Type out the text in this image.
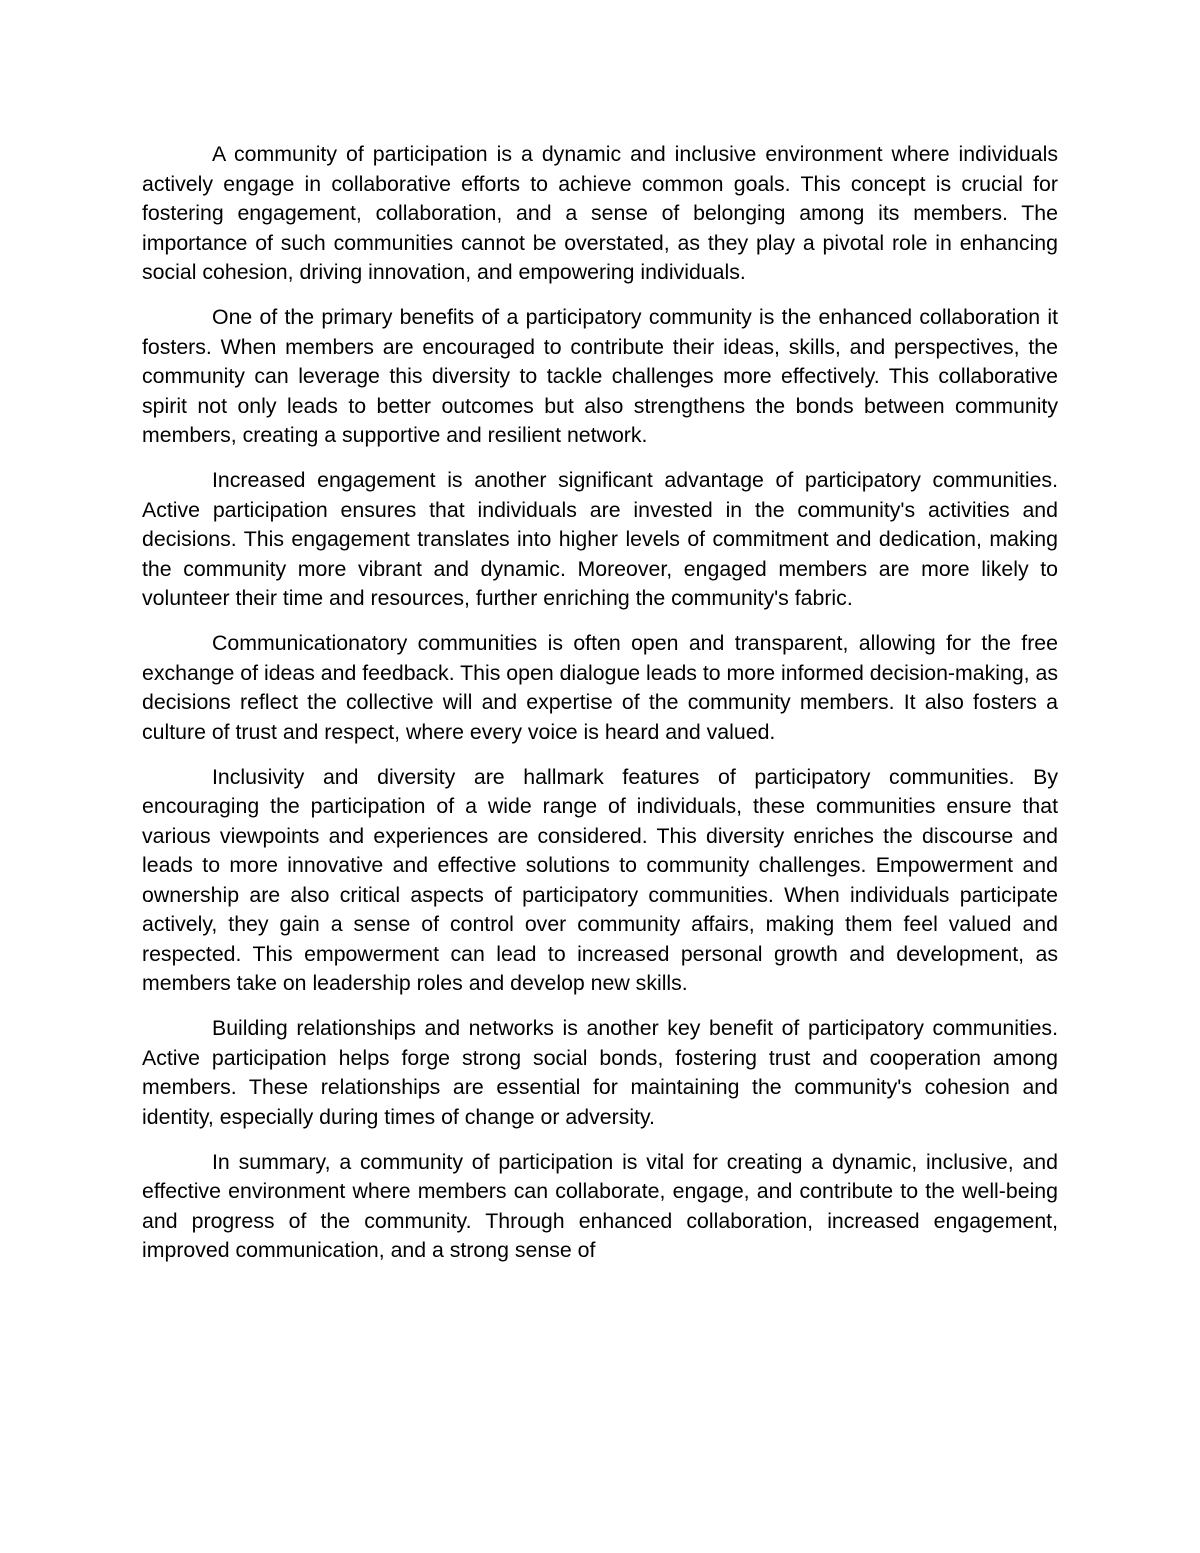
A community of participation is a dynamic and inclusive environment where individuals actively engage in collaborative efforts to achieve common goals. This concept is crucial for fostering engagement, collaboration, and a sense of belonging among its members. The importance of such communities cannot be overstated, as they play a pivotal role in enhancing social cohesion, driving innovation, and empowering individuals.

One of the primary benefits of a participatory community is the enhanced collaboration it fosters. When members are encouraged to contribute their ideas, skills, and perspectives, the community can leverage this diversity to tackle challenges more effectively. This collaborative spirit not only leads to better outcomes but also strengthens the bonds between community members, creating a supportive and resilient network.

Increased engagement is another significant advantage of participatory communities. Active participation ensures that individuals are invested in the community's activities and decisions. This engagement translates into higher levels of commitment and dedication, making the community more vibrant and dynamic. Moreover, engaged members are more likely to volunteer their time and resources, further enriching the community's fabric.

Communicationatory communities is often open and transparent, allowing for the free exchange of ideas and feedback. This open dialogue leads to more informed decision-making, as decisions reflect the collective will and expertise of the community members. It also fosters a culture of trust and respect, where every voice is heard and valued.

Inclusivity and diversity are hallmark features of participatory communities. By encouraging the participation of a wide range of individuals, these communities ensure that various viewpoints and experiences are considered. This diversity enriches the discourse and leads to more innovative and effective solutions to community challenges. Empowerment and ownership are also critical aspects of participatory communities. When individuals participate actively, they gain a sense of control over community affairs, making them feel valued and respected. This empowerment can lead to increased personal growth and development, as members take on leadership roles and develop new skills.

Building relationships and networks is another key benefit of participatory communities. Active participation helps forge strong social bonds, fostering trust and cooperation among members. These relationships are essential for maintaining the community's cohesion and identity, especially during times of change or adversity.

In summary, a community of participation is vital for creating a dynamic, inclusive, and effective environment where members can collaborate, engage, and contribute to the well-being and progress of the community. Through enhanced collaboration, increased engagement, improved communication, and a strong sense of
